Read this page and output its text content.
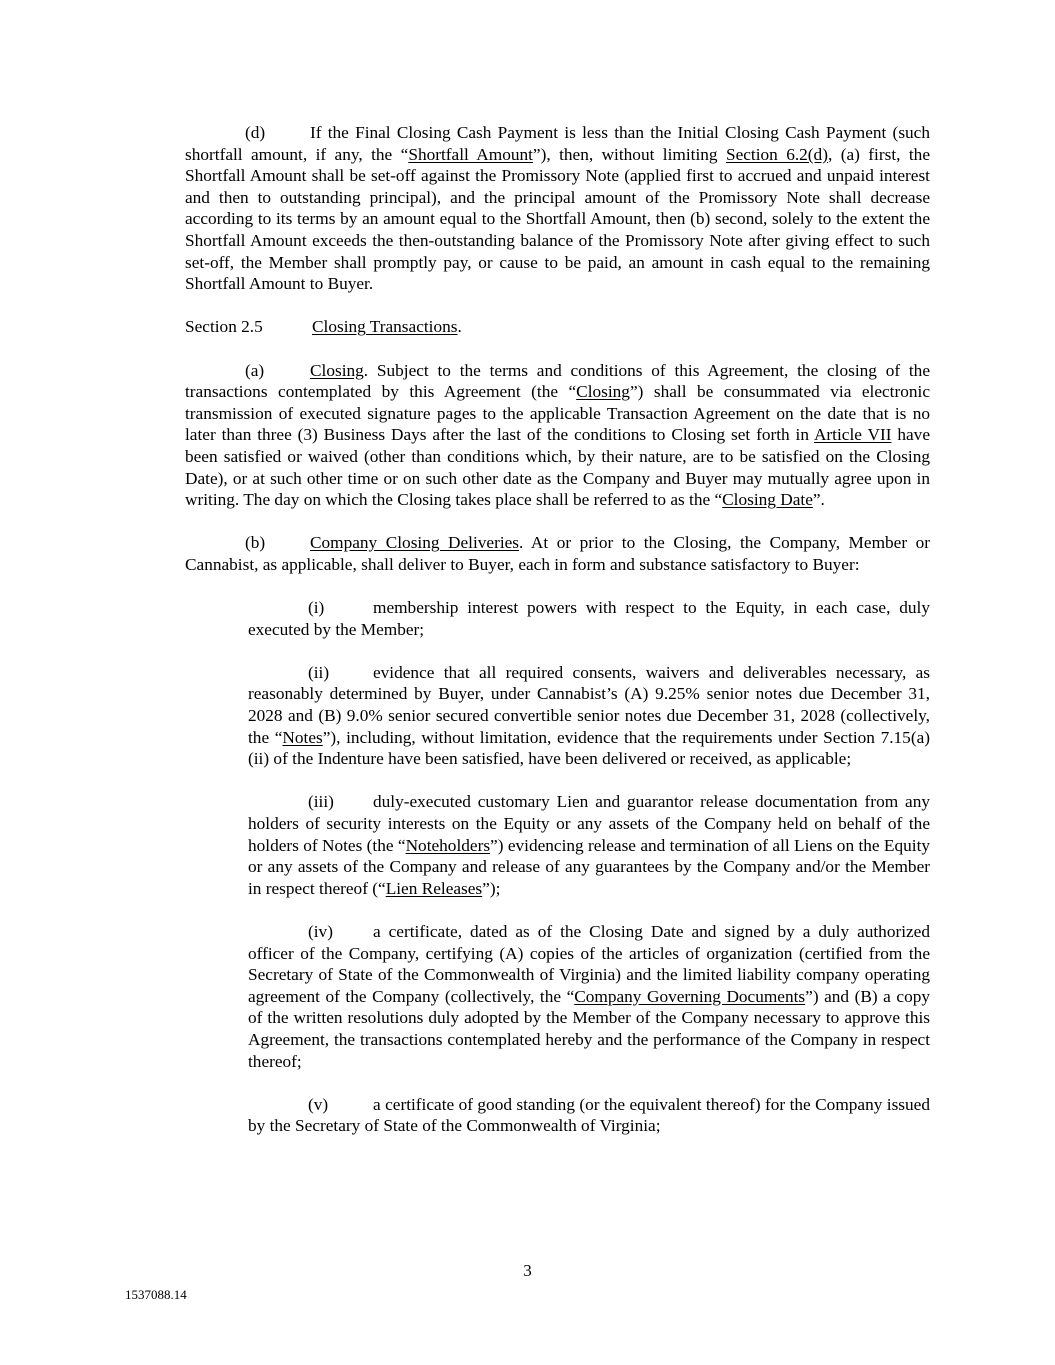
(d)	If the Final Closing Cash Payment is less than the Initial Closing Cash Payment (such shortfall amount, if any, the “Shortfall Amount”), then, without limiting Section 6.2(d), (a) first, the Shortfall Amount shall be set-off against the Promissory Note (applied first to accrued and unpaid interest and then to outstanding principal), and the principal amount of the Promissory Note shall decrease according to its terms by an amount equal to the Shortfall Amount, then (b) second, solely to the extent the Shortfall Amount exceeds the then-outstanding balance of the Promissory Note after giving effect to such set-off, the Member shall promptly pay, or cause to be paid, an amount in cash equal to the remaining Shortfall Amount to Buyer.

Section 2.5	Closing Transactions.

(a)	Closing. Subject to the terms and conditions of this Agreement, the closing of the transactions contemplated by this Agreement (the “Closing”) shall be consummated via electronic transmission of executed signature pages to the applicable Transaction Agreement on the date that is no later than three (3) Business Days after the last of the conditions to Closing set forth in Article VII have been satisfied or waived (other than conditions which, by their nature, are to be satisfied on the Closing Date), or at such other time or on such other date as the Company and Buyer may mutually agree upon in writing. The day on which the Closing takes place shall be referred to as the “Closing Date”.

(b)	Company Closing Deliveries. At or prior to the Closing, the Company, Member or Cannabist, as applicable, shall deliver to Buyer, each in form and substance satisfactory to Buyer:

(i)	membership interest powers with respect to the Equity, in each case, duly executed by the Member;

(ii)	evidence that all required consents, waivers and deliverables necessary, as reasonably determined by Buyer, under Cannabist’s (A) 9.25% senior notes due December 31, 2028 and (B) 9.0% senior secured convertible senior notes due December 31, 2028 (collectively, the “Notes”), including, without limitation, evidence that the requirements under Section 7.15(a)(ii) of the Indenture have been satisfied, have been delivered or received, as applicable;

(iii) duly-executed customary Lien and guarantor release documentation from any holders of security interests on the Equity or any assets of the Company held on behalf of the holders of Notes (the “Noteholders”) evidencing release and termination of all Liens on the Equity or any assets of the Company and release of any guarantees by the Company and/or the Member in respect thereof (“Lien Releases”);

(iv) a certificate, dated as of the Closing Date and signed by a duly authorized officer of the Company, certifying (A) copies of the articles of organization (certified from the Secretary of State of the Commonwealth of Virginia) and the limited liability company operating agreement of the Company (collectively, the “Company Governing Documents”) and (B) a copy of the written resolutions duly adopted by the Member of the Company necessary to approve this Agreement, the transactions contemplated hereby and the performance of the Company in respect thereof;

(v)	a certificate of good standing (or the equivalent thereof) for the Company issued by the Secretary of State of the Commonwealth of Virginia;

3
1537088.14
